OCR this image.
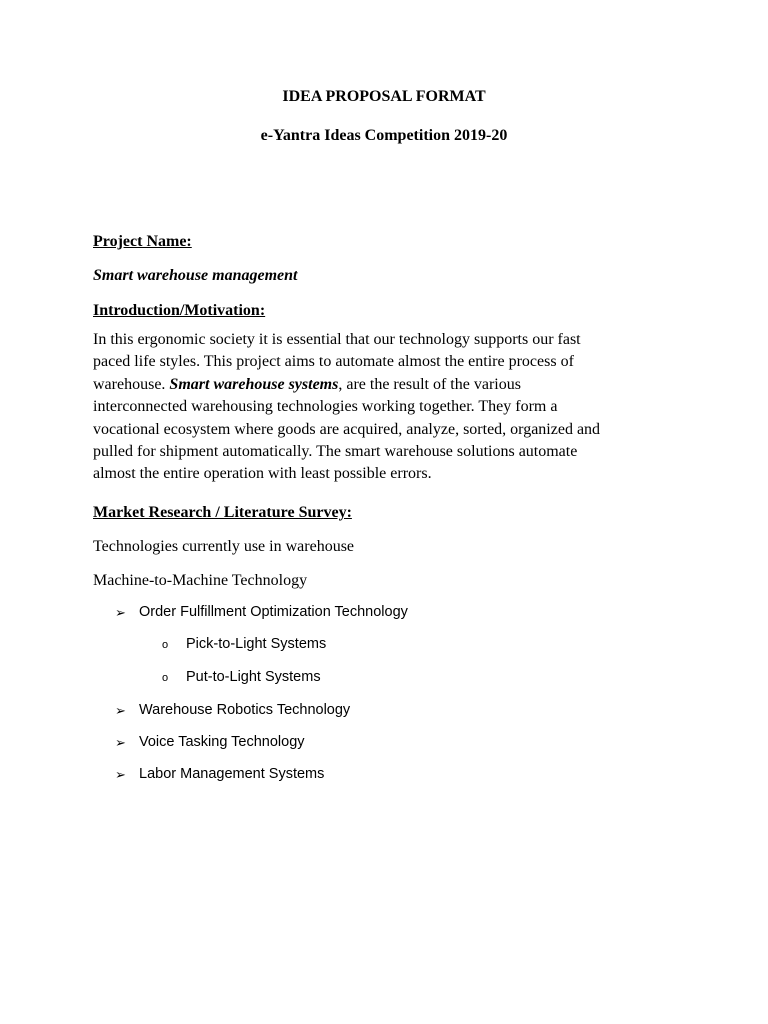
IDEA PROPOSAL FORMAT
e-Yantra Ideas Competition 2019-20
Project Name:
Smart warehouse management
Introduction/Motivation:
In this ergonomic society it is essential that our technology supports our fast
paced life styles. This project aims to automate almost the entire process of
warehouse. Smart warehouse systems, are the result of the various
interconnected warehousing technologies working together. They form a
vocational ecosystem where goods are acquired, analyze, sorted, organized and
pulled for shipment automatically. The smart warehouse solutions automate
almost the entire operation with least possible errors.
Market Research / Literature Survey:
Technologies currently use in warehouse
Machine-to-Machine Technology
➢ Order Fulfillment Optimization Technology
o Pick-to-Light Systems
o Put-to-Light Systems
➢ Warehouse Robotics Technology
➢ Voice Tasking Technology
➢ Labor Management Systems
